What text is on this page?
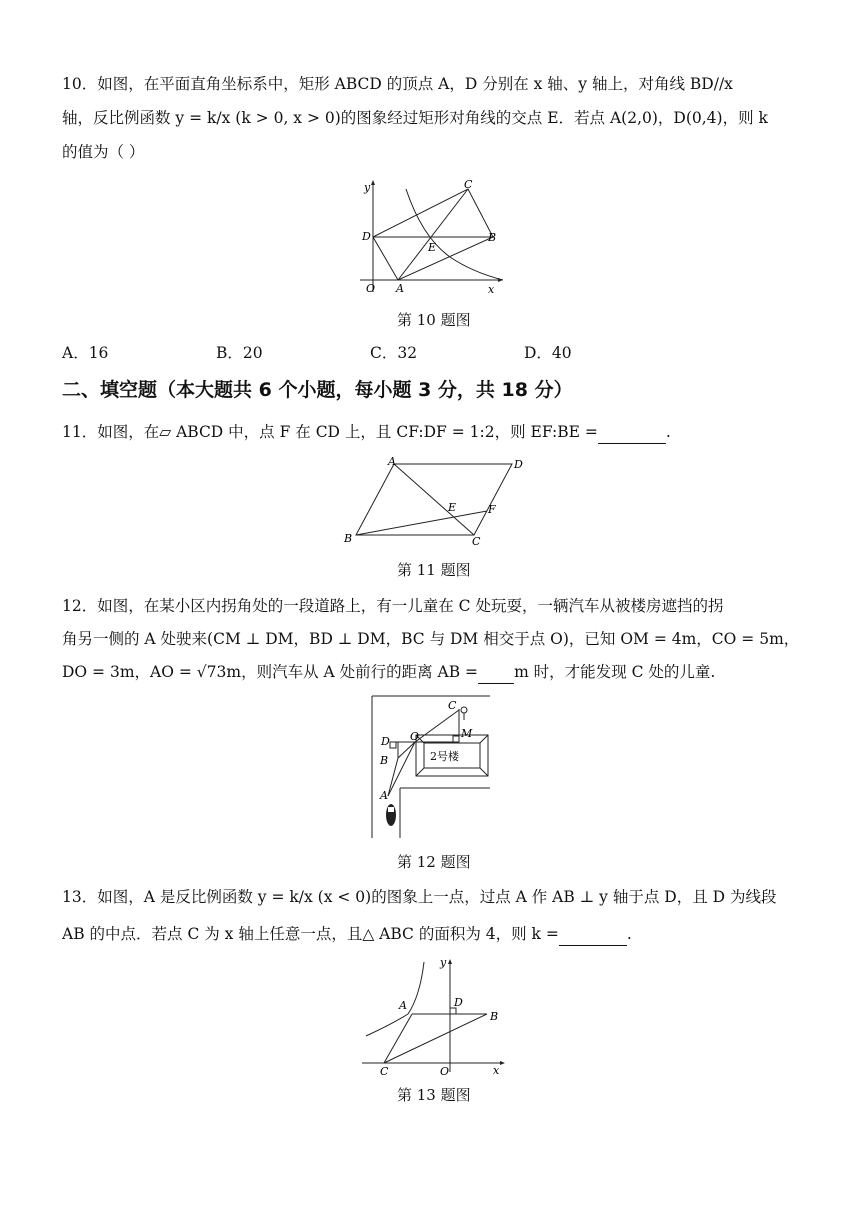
10．如图，在平面直角坐标系中，矩形 ABCD 的顶点 A，D 分别在 x 轴、y 轴上，对角线 BD//x
轴，反比例函数 y = k/x (k > 0, x > 0)的图象经过矩形对角线的交点 E．若点 A(2,0)，D(0,4)，则 k
的值为（ ）
y
x
O A
B
C
D
E
第 10 题图
A．16	B．20	C．32	D．40
二、填空题（本大题共 6 个小题，每小题 3 分，共 18 分）
11．如图，在▱ ABCD 中，点 F 在 CD 上，且 CF:DF = 1:2，则 EF:BE =	.
A	D
B	C
E	F
第 11 题图
12．如图，在某小区内拐角处的一段道路上，有一儿童在 C 处玩耍，一辆汽车从被楼房遮挡的拐
角另一侧的 A 处驶来(CM ⊥ DM，BD ⊥ DM，BC 与 DM 相交于点 O)，已知 OM = 4m，CO = 5m，
DO = 3m，AO = √73m，则汽车从 A 处前行的距离 AB = m 时，才能发现 C 处的儿童.
2号楼
C
M
O
D
B
A
第 12 题图
13．如图，A 是反比例函数 y = k/x (x < 0)的图象上一点，过点 A 作 AB ⊥ y 轴于点 D，且 D 为线段
AB 的中点．若点 C 为 x 轴上任意一点，且△ ABC 的面积为 4，则 k =	.
y
x
O
C
A	D
B
第 13 题图
